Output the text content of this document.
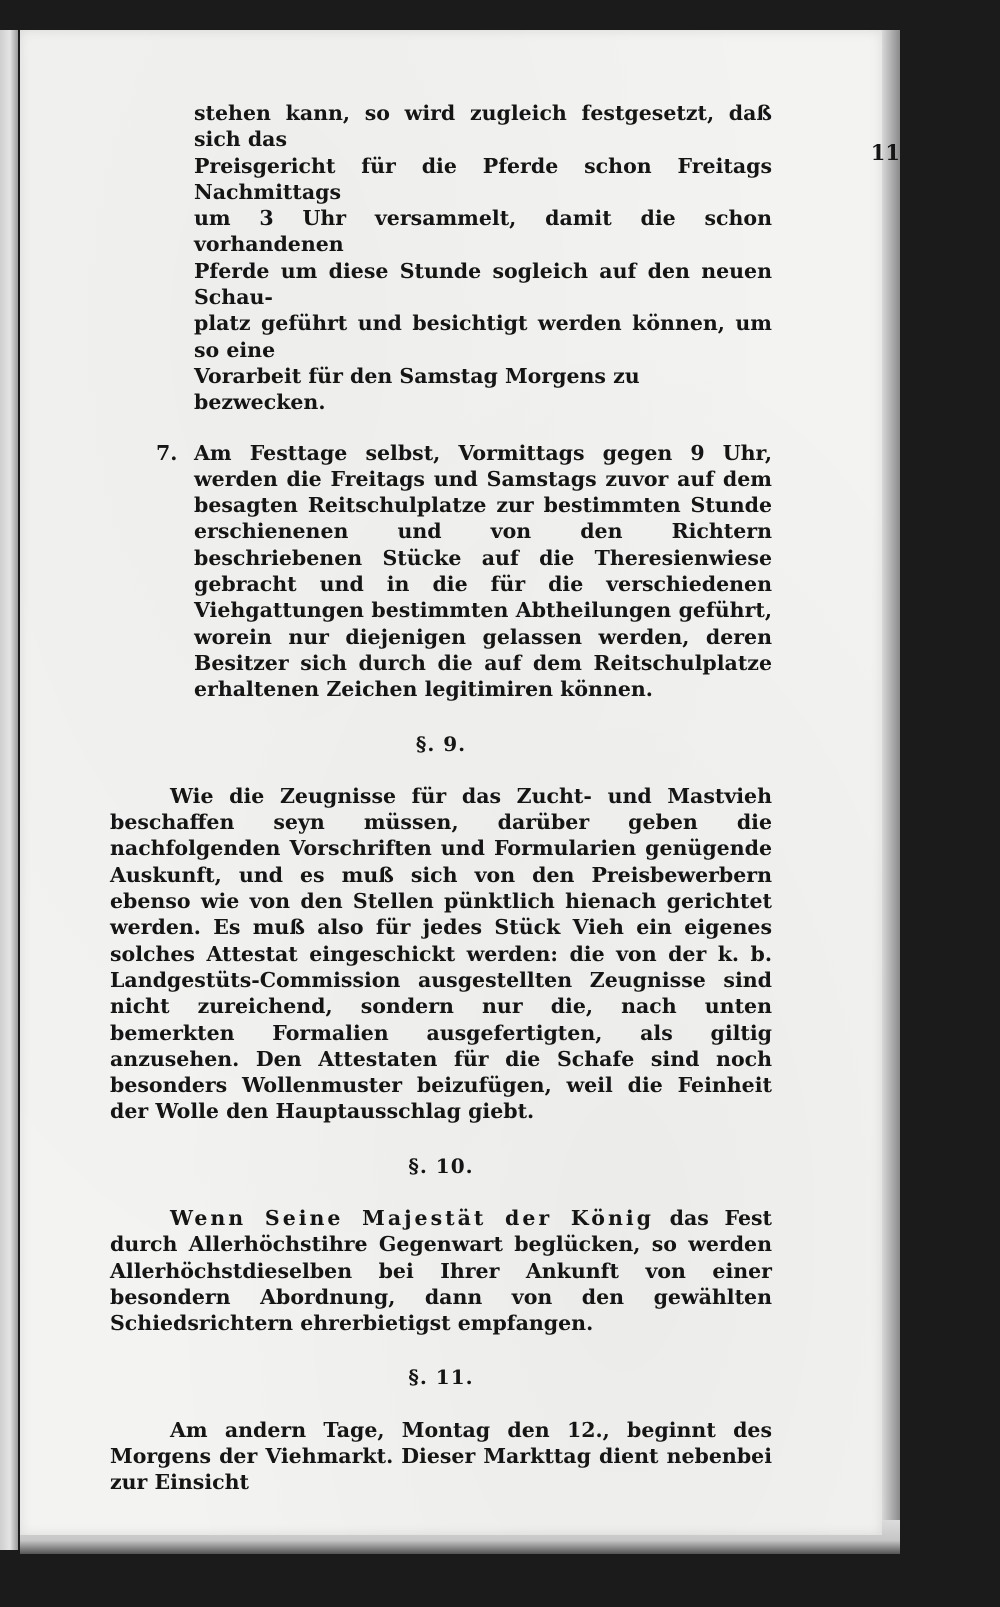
11

stehen kann, so wird zugleich festgesetzt, daß sich das

Preisgericht für die Pferde schon Freitags Nachmittags

um 3 Uhr versammelt, damit die schon vorhandenen

Pferde um diese Stunde sogleich auf den neuen Schau-

platz geführt und besichtigt werden können, um so eine

Vorarbeit für den Samstag Morgens zu bezwecken.

7. Am Festtage selbst, Vormittags gegen 9 Uhr, werden die Freitags und Samstags zuvor auf dem besagten Reitschulplatze zur bestimmten Stunde erschienenen und von den Richtern beschriebenen Stücke auf die Theresienwiese gebracht und in die für die verschiedenen Viehgattungen bestimmten Abtheilungen geführt, worein nur diejenigen gelassen werden, deren Besitzer sich durch die auf dem Reitschulplatze erhaltenen Zeichen legitimiren können.

§. 9.

Wie die Zeugnisse für das Zucht- und Mastvieh beschaffen seyn müssen, darüber geben die nachfolgenden Vorschriften und Formularien genügende Auskunft, und es muß sich von den Preisbewerbern ebenso wie von den Stellen pünktlich hienach gerichtet werden. Es muß also für jedes Stück Vieh ein eigenes solches Attestat eingeschickt werden: die von der k. b. Landgestüts-Commission ausgestellten Zeugnisse sind nicht zureichend, sondern nur die, nach unten bemerkten Formalien ausgefertigten, als giltig anzusehen. Den Attestaten für die Schafe sind noch besonders Wollenmuster beizufügen, weil die Feinheit der Wolle den Hauptausschlag giebt.

§. 10.

Wenn Seine Majestät der König das Fest durch Allerhöchstihre Gegenwart beglücken, so werden Allerhöchstdieselben bei Ihrer Ankunft von einer besondern Abordnung, dann von den gewählten Schiedsrichtern ehrerbietigst empfangen.

§. 11.

Am andern Tage, Montag den 12., beginnt des Morgens der Viehmarkt. Dieser Markttag dient nebenbei zur Einsicht
